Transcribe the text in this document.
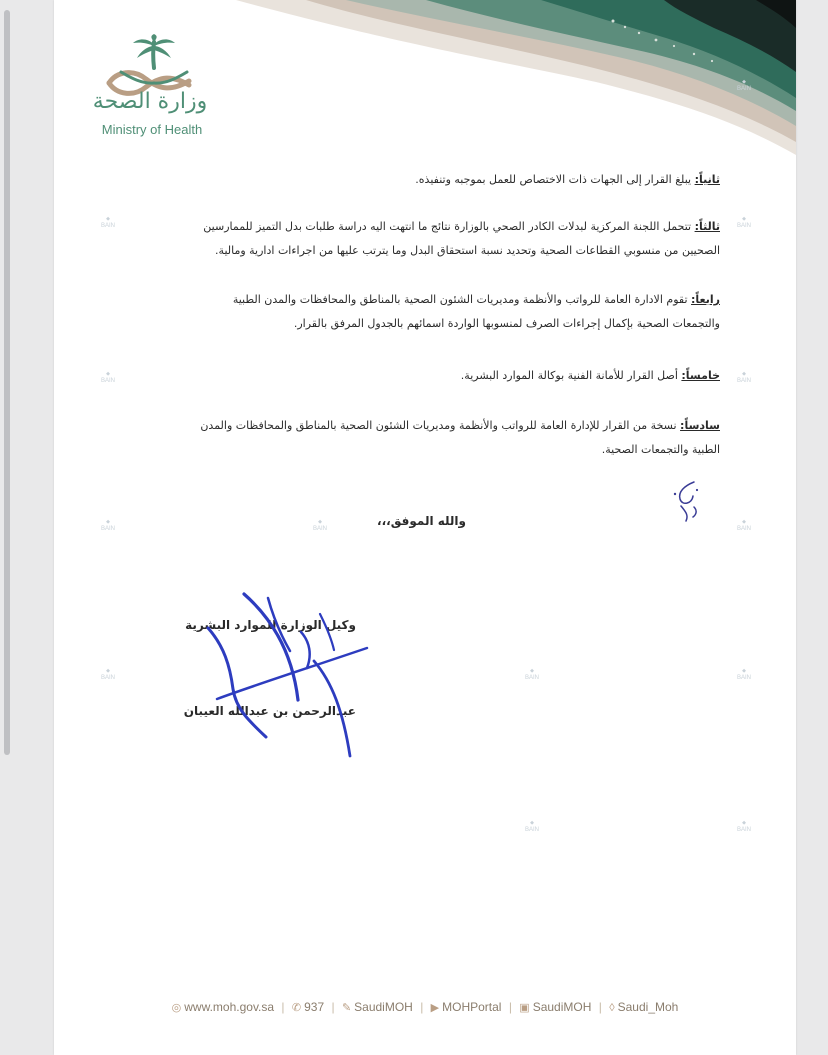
وزارة الصحة
Ministry of Health
ثانياً: يبلغ القرار إلى الجهات ذات الاختصاص للعمل بموجبه وتنفيذه.
ثالثاً: تتحمل اللجنة المركزية لبدلات الكادر الصحي بالوزارة نتائج ما انتهت اليه دراسة طلبات بدل التميز للممارسين
الصحيين من منسوبي القطاعات الصحية وتحديد نسبة استحقاق البدل وما يترتب عليها من اجراءات ادارية ومالية.
رابعاً: تقوم الادارة العامة للرواتب والأنظمة ومديريات الشئون الصحية بالمناطق والمحافظات والمدن الطبية
والتجمعات الصحية بإكمال إجراءات الصرف لمنسوبها الواردة اسمائهم بالجدول المرفق بالقرار.
خامساً: أصل القرار للأمانة الفنية بوكالة الموارد البشرية.
سادساً: نسخة من القرار للإدارة العامة للرواتب والأنظمة ومديريات الشئون الصحية بالمناطق والمحافظات والمدن
الطبية والتجمعات الصحية.
والله الموفق،،،
وكيل الوزارة للموارد البشرية
عبدالرحمن بن عبدالله العيبان
◆
BAIN
◆
BAIN
◆
BAIN
◆
BAIN
◆
BAIN
◆
BAIN
◆
BAIN
◆
BAIN
◆
BAIN
◆
BAIN
◆
BAIN
◆
BAIN
◆
BAIN
◎ www.moh.gov.sa | ✆ 937 | ✎ SaudiMOH | ▶ MOHPortal | ▣ SaudiMOH | ◊ Saudi_Moh
